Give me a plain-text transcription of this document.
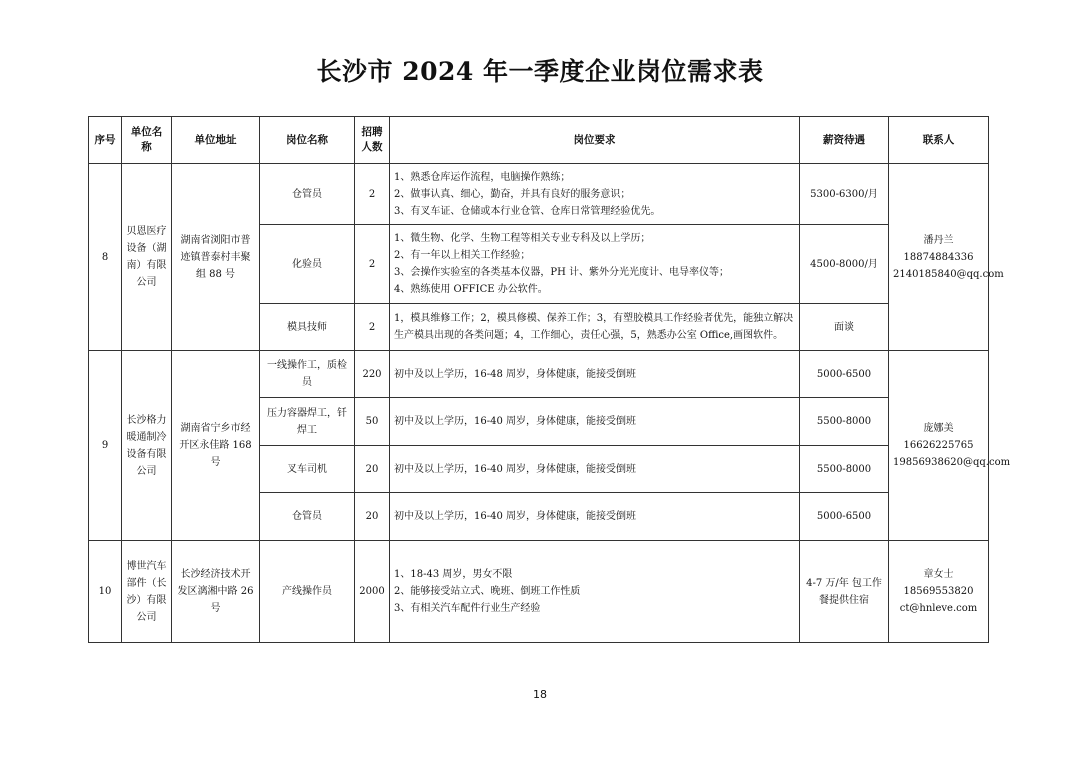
长沙市 2024 年一季度企业岗位需求表
序号	单位名称	单位地址	岗位名称	招聘人数	岗位要求	薪资待遇	联系人
8	贝恩医疗设备（湖南）有限公司	湖南省浏阳市普迹镇普泰村丰聚组 88 号	仓管员	2	1、熟悉仓库运作流程，电脑操作熟练；
2、做事认真、细心，勤奋，并具有良好的服务意识；
3、有叉车证、仓储或本行业仓管、仓库日常管理经验优先。	5300-6300/月	潘丹兰
18874884336
2140185840@qq.com

			化验员	2	1、微生物、化学、生物工程等相关专业专科及以上学历；
2、有一年以上相关工作经验；
3、会操作实验室的各类基本仪器，PH 计、紫外分光光度计、电导率仪等；
4、熟练使用 OFFICE 办公软件。	4500-8000/月	
			模具技师	2	1，模具维修工作；2，模具修模、保养工作；3，有塑胶模具工作经验者优先，能独立解决
生产模具出现的各类问题；4，工作细心，责任心强，5，熟悉办公室 Office,画图软件。	面谈	
9	长沙格力暖通制冷设备有限公司	湖南省宁乡市经开区永佳路 168 号	一线操作工，质检员	220	初中及以上学历，16-48 周岁，身体健康，能接受倒班	5000-6500	庞娜美
16626225765
19856938620@qq.com

			压力容器焊工，钎焊工	50	初中及以上学历，16-40 周岁，身体健康，能接受倒班	5500-8000	
			叉车司机	20	初中及以上学历，16-40 周岁，身体健康，能接受倒班	5500-8000	
			仓管员	20	初中及以上学历，16-40 周岁，身体健康，能接受倒班	5000-6500	
10	博世汽车部件（长沙）有限公司	长沙经济技术开发区漓湘中路 26 号	产线操作员	2000	1、18-43 周岁，男女不限
2、能够接受站立式、晚班、倒班工作性质
3、有相关汽车配件行业生产经验	4-7 万/年 包工作餐提供住宿	章女士
18569553820
ct@hnleve.com
18
